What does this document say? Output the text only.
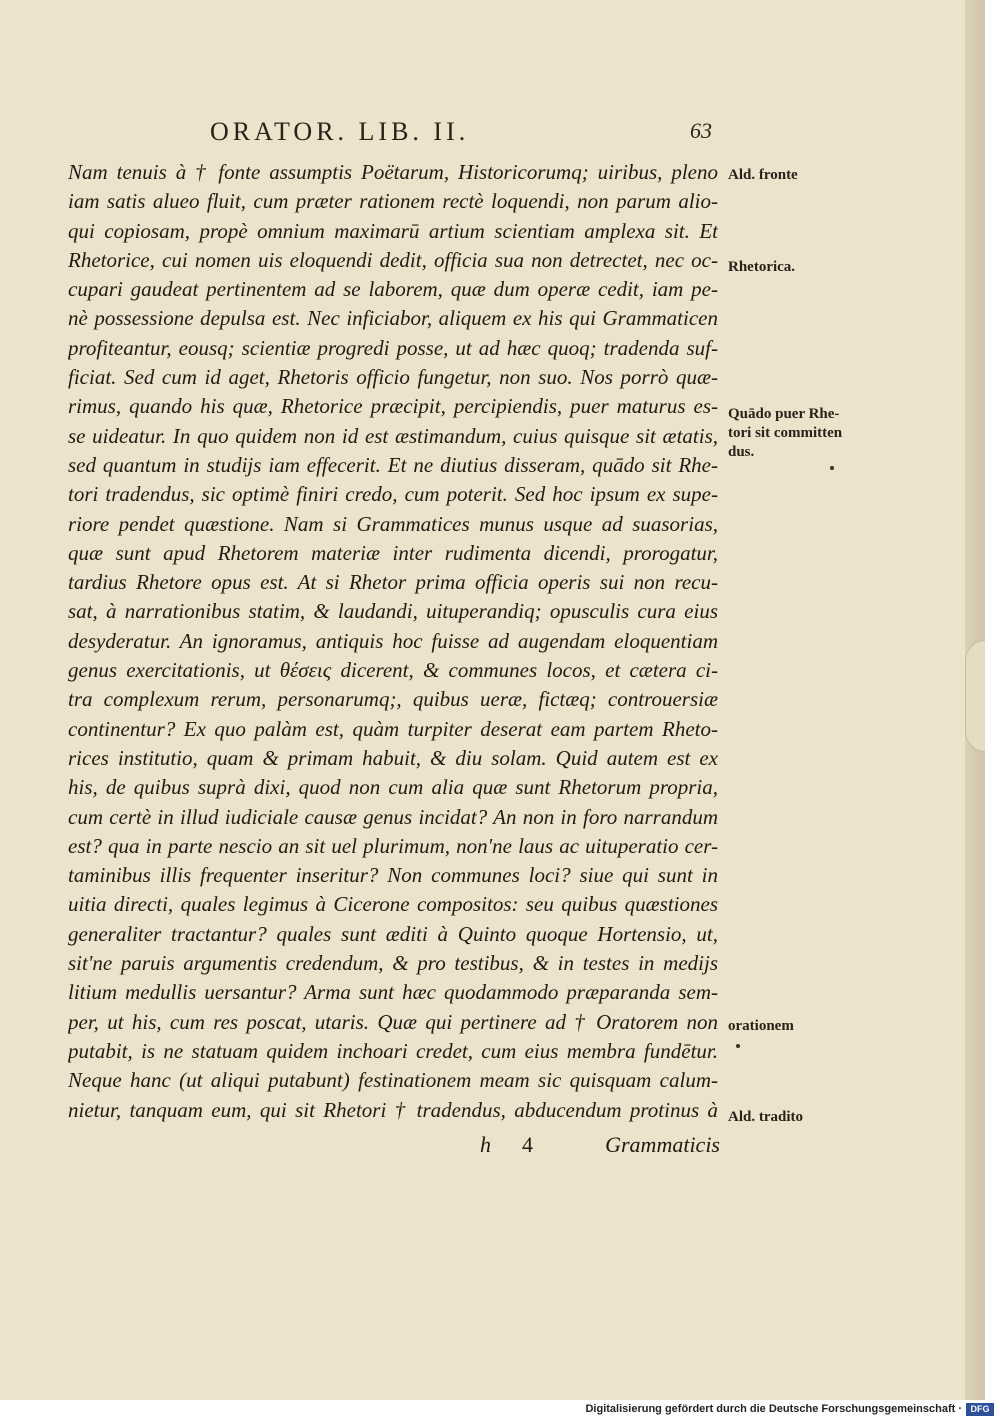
ORATOR. LIB. II.	63
Nam tenuis à † fonte assumptis Poëtarum, Historicorumq; uiribus, pleno
iam satis alueo fluit, cum præter rationem rectè loquendi, non parum alio-
qui copiosam, propè omnium maximarū artium scientiam amplexa sit. Et
Rhetorice, cui nomen uis eloquendi dedit, officia sua non detrectet, nec oc-
cupari gaudeat pertinentem ad se laborem, quæ dum operæ cedit, iam pe-
nè possessione depulsa est. Nec inficiabor, aliquem ex his qui Grammaticen
profiteantur, eousq; scientiæ progredi posse, ut ad hæc quoq; tradenda suf-
ficiat. Sed cum id aget, Rhetoris officio fungetur, non suo. Nos porrò quæ-
rimus, quando his quæ, Rhetorice præcipit, percipiendis, puer maturus es-
se uideatur. In quo quidem non id est æstimandum, cuius quisque sit ætatis,
sed quantum in studijs iam effecerit. Et ne diutius disseram, quādo sit Rhe-
tori tradendus, sic optimè finiri credo, cum poterit. Sed hoc ipsum ex supe-
riore pendet quæstione. Nam si Grammatices munus usque ad suasorias,
quæ sunt apud Rhetorem materiæ inter rudimenta dicendi, prorogatur,
tardius Rhetore opus est. At si Rhetor prima officia operis sui non recu-
sat, à narrationibus statim, & laudandi, uituperandiq; opusculis cura eius
desyderatur. An ignoramus, antiquis hoc fuisse ad augendam eloquentiam
genus exercitationis, ut θέσεις dicerent, & communes locos, et cætera ci-
tra complexum rerum, personarumq;, quibus ueræ, fictæq; controuersiæ
continentur? Ex quo palàm est, quàm turpiter deserat eam partem Rheto-
rices institutio, quam & primam habuit, & diu solam. Quid autem est ex
his, de quibus suprà dixi, quod non cum alia quæ sunt Rhetorum propria,
cum certè in illud iudiciale causæ genus incidat? An non in foro narrandum
est? qua in parte nescio an sit uel plurimum, non'ne laus ac uituperatio cer-
taminibus illis frequenter inseritur? Non communes loci? siue qui sunt in
uitia directi, quales legimus à Cicerone compositos: seu quibus quæstiones
generaliter tractantur? quales sunt æditi à Quinto quoque Hortensio, ut,
sit'ne paruis argumentis credendum, & pro testibus, & in testes in medijs
litium medullis uersantur? Arma sunt hæc quodammodo præparanda sem-
per, ut his, cum res poscat, utaris. Quæ qui pertinere ad † Oratorem non
putabit, is ne statuam quidem inchoari credet, cum eius membra fundētur.
Neque hanc (ut aliqui putabunt) festinationem meam sic quisquam calum-
nietur, tanquam eum, qui sit Rhetori † tradendus, abducendum protinus à
Ald. fronte
Rhetorica.
Quādo puer Rhe-
tori sit committen
dus.
orationem
Ald. tradito
h 4	Grammaticis
Digitalisierung gefördert durch die Deutsche Forschungsgemeinschaft · DFG
